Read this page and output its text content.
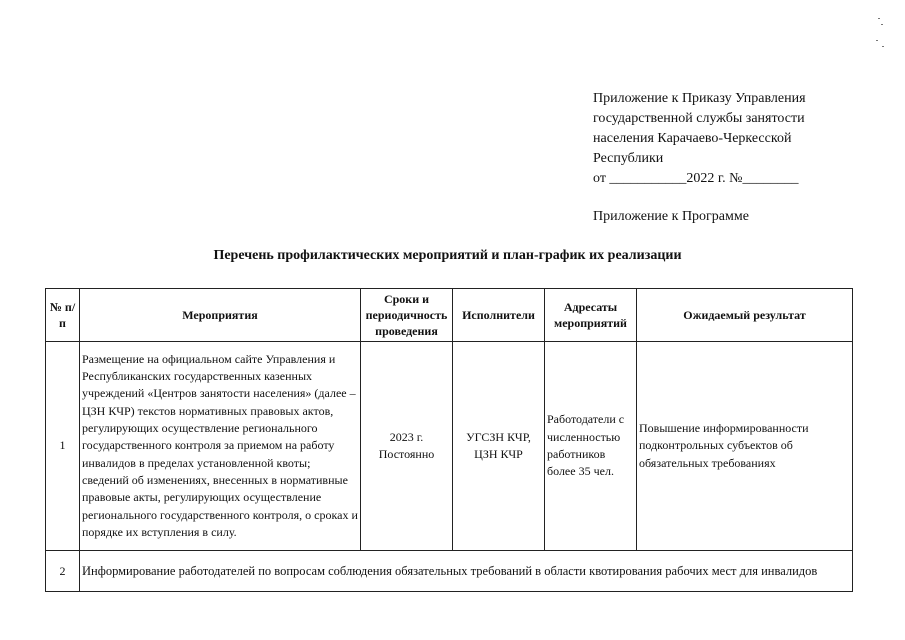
Приложение к Приказу Управления
государственной службы занятости
населения Карачаево-Черкесской
Республики
от ___________2022 г. №________
Приложение к Программе
Перечень профилактических мероприятий и план-график их реализации
№ п/п	Мероприятия	Сроки и периодичность проведения	Исполнители	Адресаты мероприятий	Ожидаемый результат
1	Размещение на официальном сайте Управления и Республиканских государственных казенных учреждений «Центров занятости населения» (далее –ЦЗН КЧР) текстов нормативных правовых актов, регулирующих осуществление регионального государственного контроля за приемом на работу инвалидов в пределах установленной квоты; сведений об изменениях, внесенных в нормативные правовые акты, регулирующих осуществление регионального государственного контроля, о сроках и порядке их вступления в силу.	2023 г. Постоянно	УГСЗН КЧР, ЦЗН КЧР	Работодатели с численностью работников более 35 чел.	Повышение информированности подконтрольных субъектов об обязательных требованиях
2	Информирование работодателей по вопросам соблюдения обязательных требований в области квотирования рабочих мест для инвалидов				
